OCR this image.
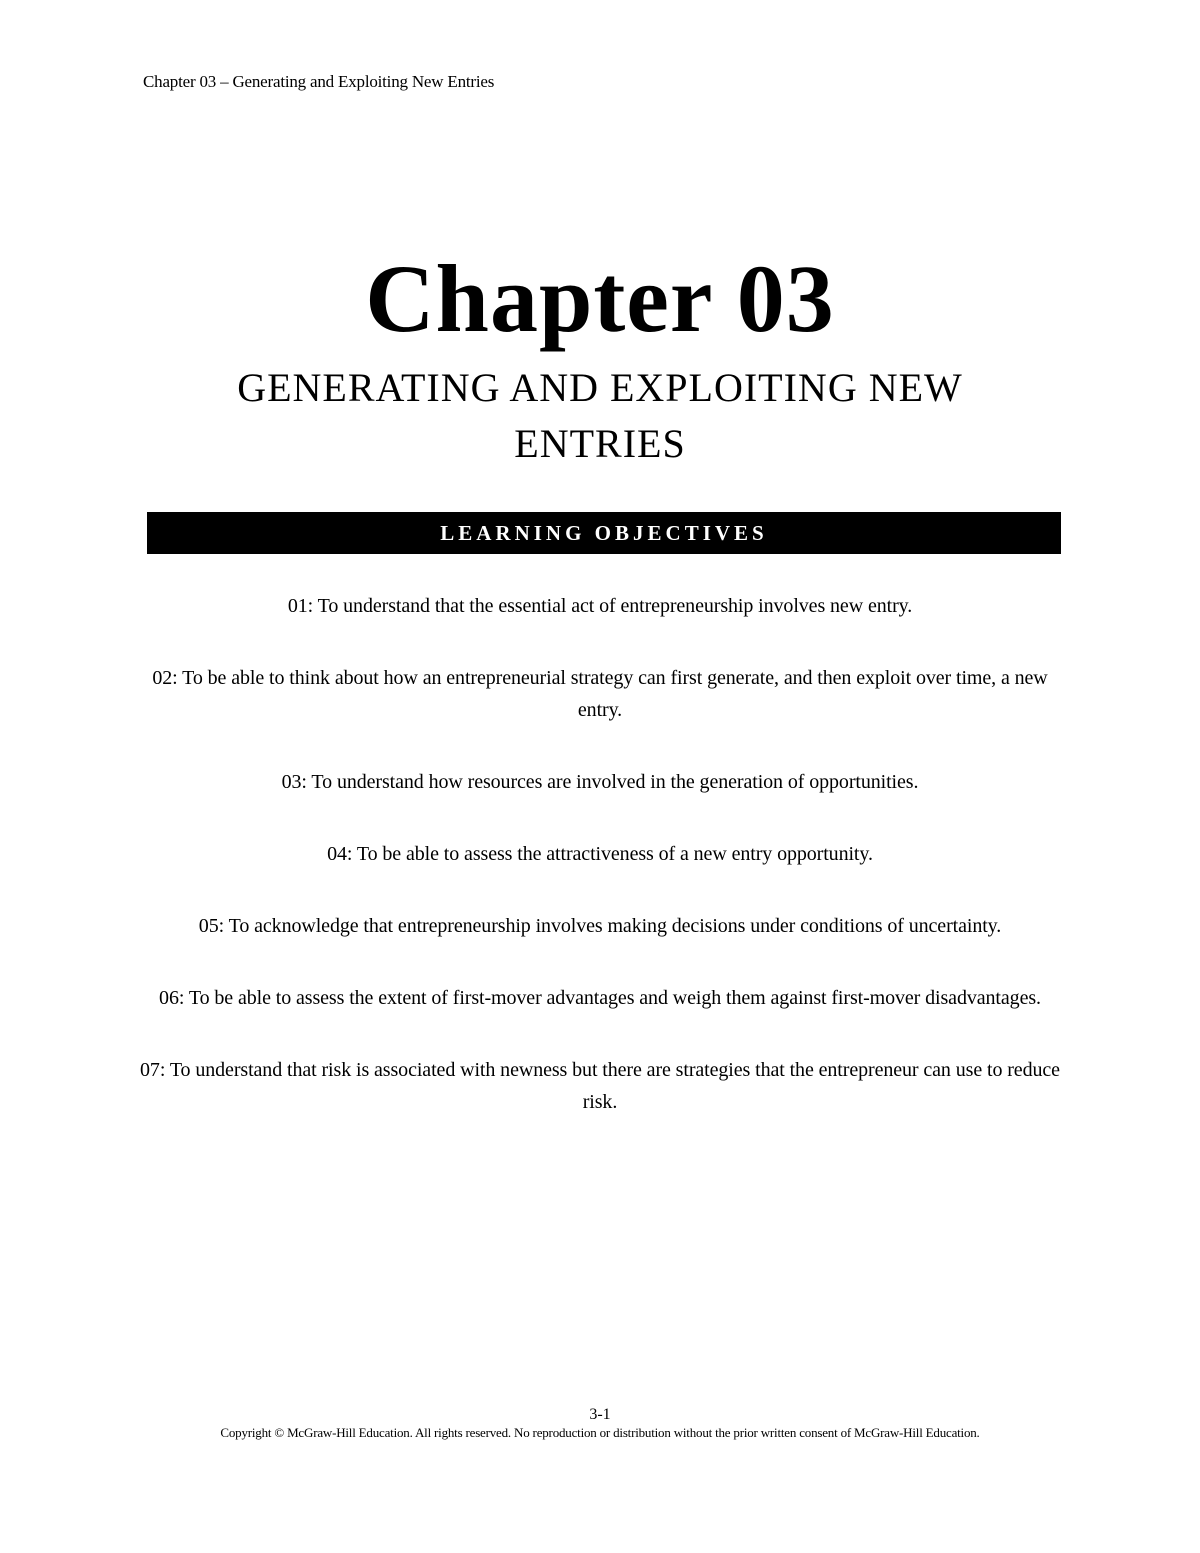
Chapter 03 – Generating and Exploiting New Entries
Chapter 03
GENERATING AND EXPLOITING NEW ENTRIES
LEARNING OBJECTIVES
01: To understand that the essential act of entrepreneurship involves new entry.
02: To be able to think about how an entrepreneurial strategy can first generate, and then exploit over time, a new entry.
03: To understand how resources are involved in the generation of opportunities.
04: To be able to assess the attractiveness of a new entry opportunity.
05: To acknowledge that entrepreneurship involves making decisions under conditions of uncertainty.
06: To be able to assess the extent of first-mover advantages and weigh them against first-mover disadvantages.
07: To understand that risk is associated with newness but there are strategies that the entrepreneur can use to reduce risk.
3-1
Copyright © McGraw-Hill Education. All rights reserved. No reproduction or distribution without the prior written consent of McGraw-Hill Education.
